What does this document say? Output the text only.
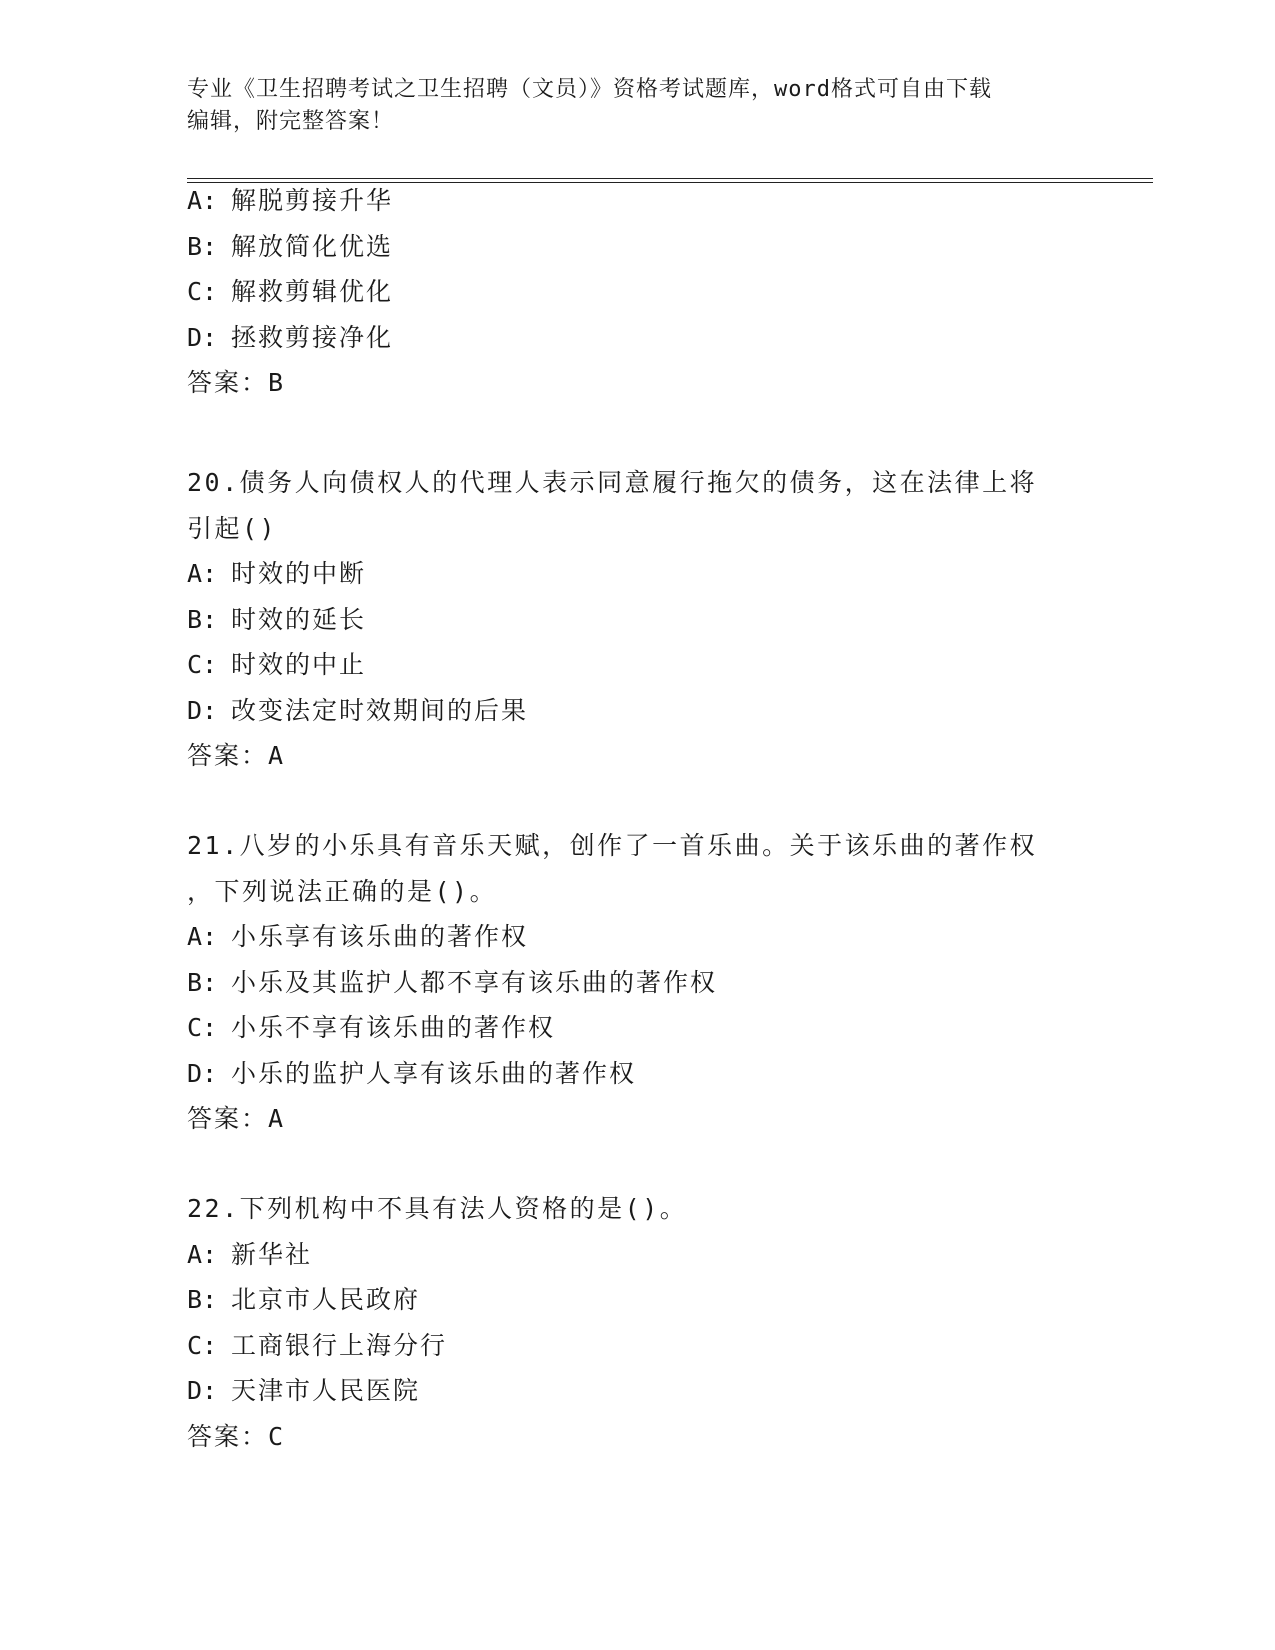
专业《卫生招聘考试之卫生招聘（文员）》资格考试题库，word格式可自由下载
编辑，附完整答案！
A: 解脱剪接升华
B: 解放简化优选
C: 解救剪辑优化
D: 拯救剪接净化
答案：B
20.债务人向债权人的代理人表示同意履行拖欠的债务，这在法律上将
引起()
A: 时效的中断
B: 时效的延长
C: 时效的中止
D: 改变法定时效期间的后果
答案：A
21.八岁的小乐具有音乐天赋，创作了一首乐曲。关于该乐曲的著作权
，下列说法正确的是()。
A: 小乐享有该乐曲的著作权
B: 小乐及其监护人都不享有该乐曲的著作权
C: 小乐不享有该乐曲的著作权
D: 小乐的监护人享有该乐曲的著作权
答案：A
22.下列机构中不具有法人资格的是()。
A: 新华社
B: 北京市人民政府
C: 工商银行上海分行
D: 天津市人民医院
答案：C
